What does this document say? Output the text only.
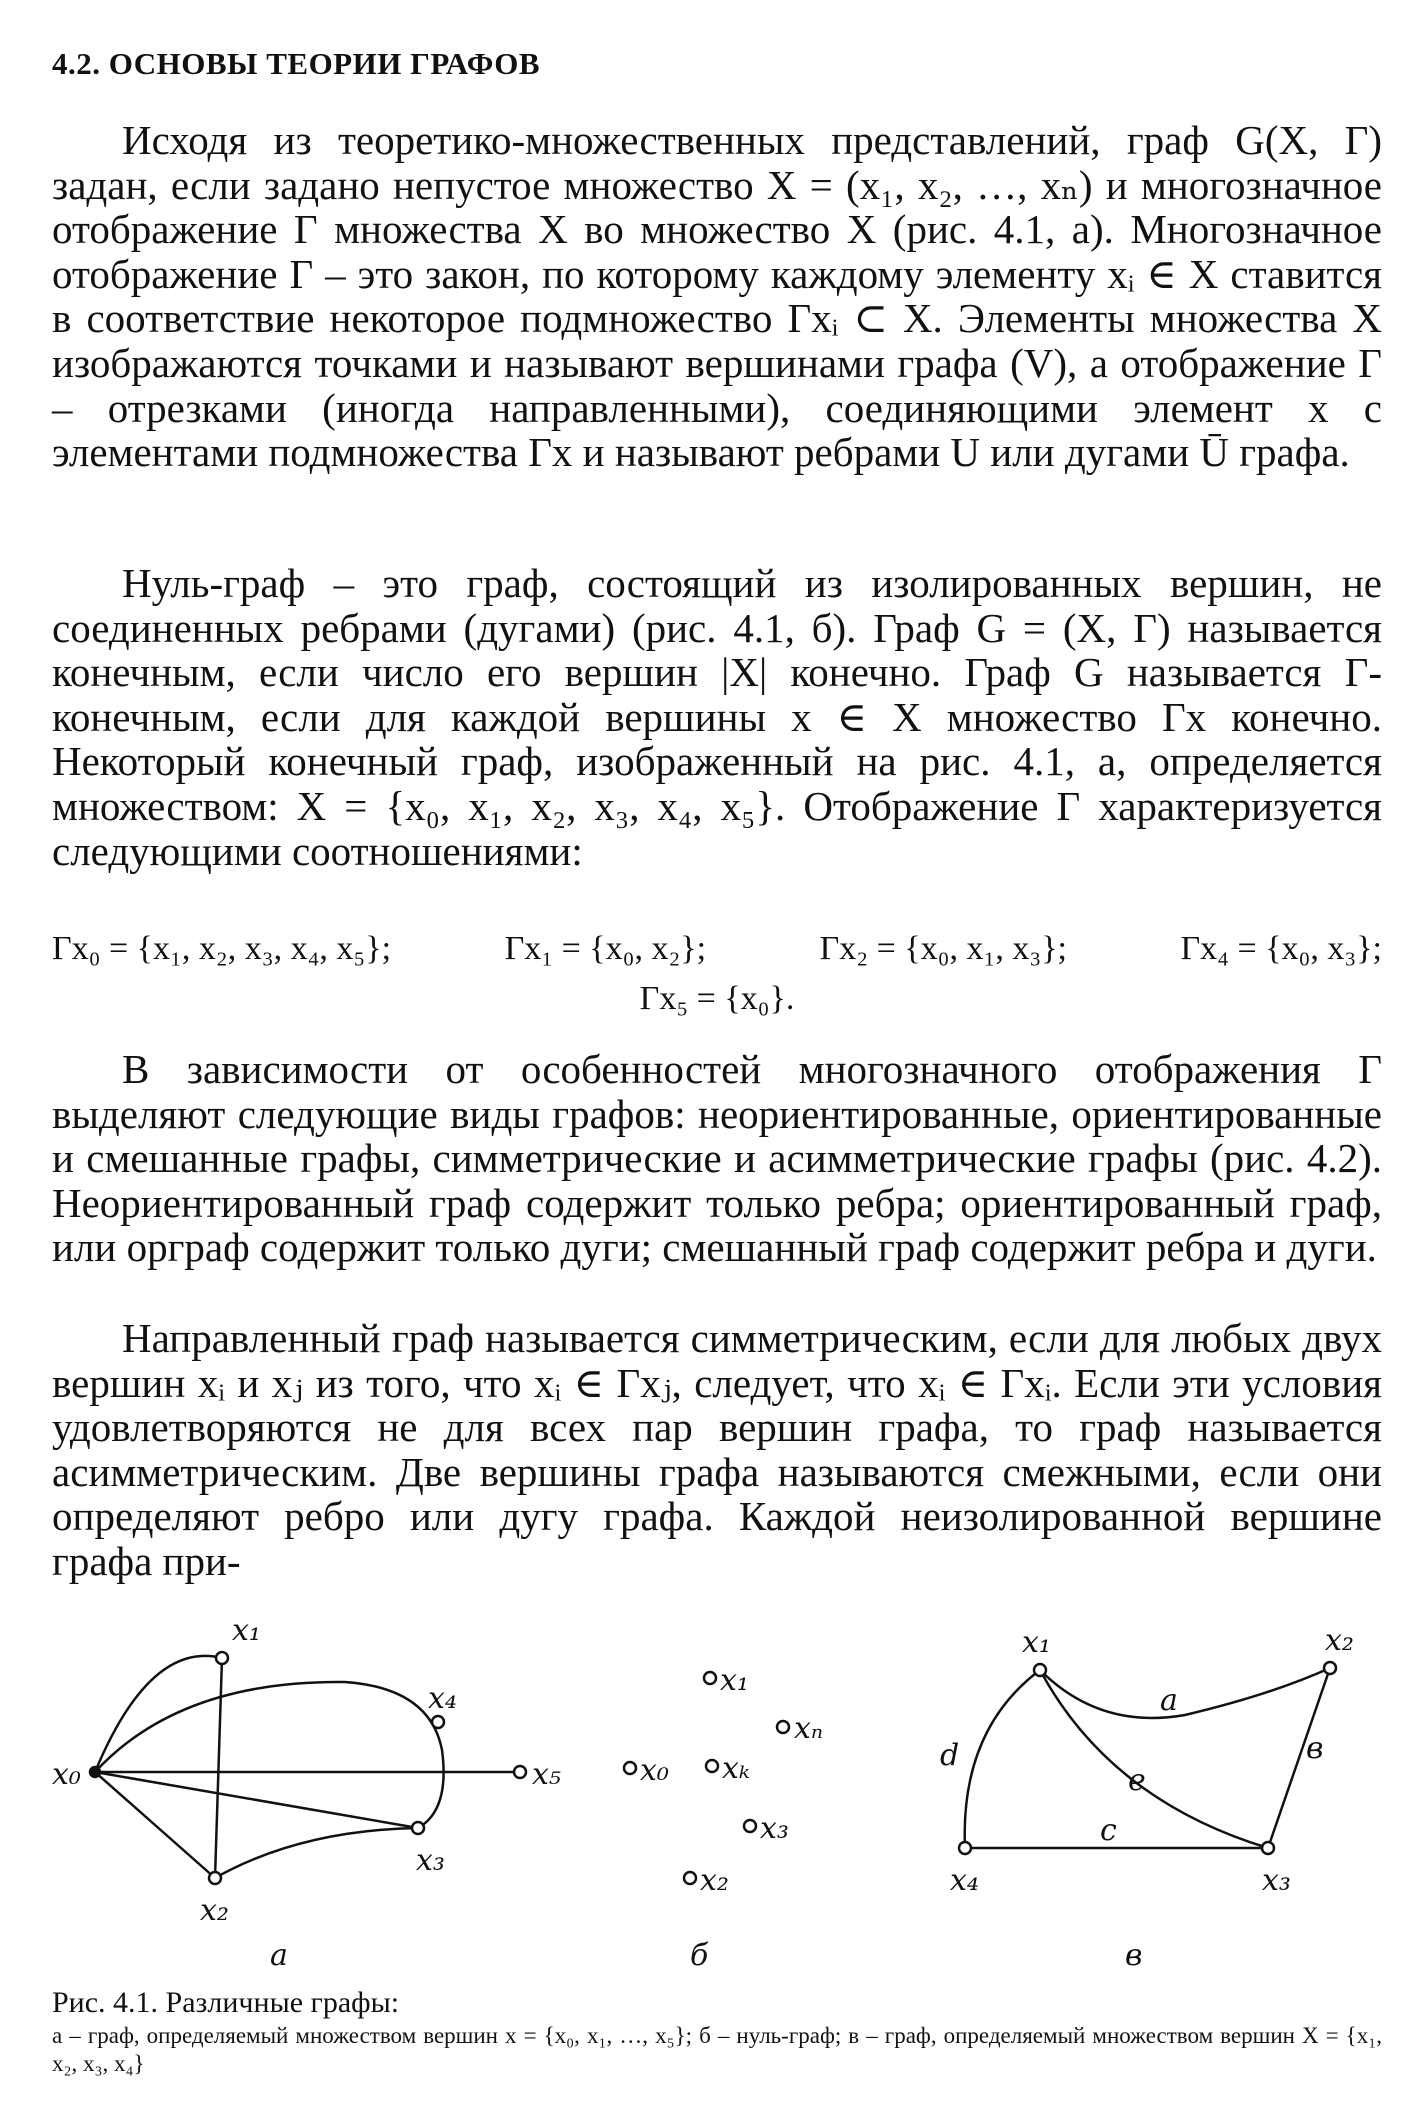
4.2. ОСНОВЫ ТЕОРИИ ГРАФОВ

Исходя из теоретико-множественных представлений, граф G(X, Γ) задан, если задано непустое множество X = (x₁, x₂, …, xₙ) и многозначное отображение Γ множества X во множество X (рис. 4.1, a). Многозначное отображение Γ – это закон, по которому каждому элементу xᵢ ∈ X ставится в соответствие некоторое подмножество Γxᵢ ⊂ X. Элементы множества X изображаются точками и называют вершинами графа (V), а отображение Γ – отрезками (иногда направленными), соединяющими элемент x с элементами подмножества Γx и называют ребрами U или дугами Ū графа.

Нуль-граф – это граф, состоящий из изолированных вершин, не соединенных ребрами (дугами) (рис. 4.1, б). Граф G = (X, Γ) называется конечным, если число его вершин |X| конечно. Граф G называется Γ-конечным, если для каждой вершины x ∈ X множество Γx конечно. Некоторый конечный граф, изображенный на рис. 4.1, a, определяется множеством: X = {x₀, x₁, x₂, x₃, x₄, x₅}. Отображение Γ характеризуется следующими соотношениями:

Γx₀ = {x₁, x₂, x₃, x₄, x₅};	Γx₁ = {x₀, x₂};	Γx₂ = {x₀, x₁, x₃};	Γx₄ = {x₀, x₃};
Γx₅ = {x₀}.

В зависимости от особенностей многозначного отображения Γ выделяют следующие виды графов: неориентированные, ориентированные и смешанные графы, симметрические и асимметрические графы (рис. 4.2). Неориентированный граф содержит только ребра; ориентированный граф, или орграф содержит только дуги; смешанный граф содержит ребра и дуги.

Направленный граф называется симметрическим, если для любых двух вершин xᵢ и xⱼ из того, что xᵢ ∈ Γxⱼ, следует, что xᵢ ∈ Γxᵢ. Если эти условия удовлетворяются не для всех пар вершин графа, то граф называется асимметрическим. Две вершины графа называются смежными, если они определяют ребро или дугу графа. Каждой неизолированной вершине графа при-

x₁
x₄
x₅
x₃
x₂
x₀
а
x₁
xₙ
x₀ xₖ
x₃
x₂
б
x₁	x₂
x₃
x₄
a
в
e
c
d
в
Рис. 4.1. Различные графы:
а – граф, определяемый множеством вершин x = {x₀, x₁, …, x₅}; б – нуль-граф; в – граф, определяемый множеством вершин X = {x₁, x₂, x₃, x₄}
